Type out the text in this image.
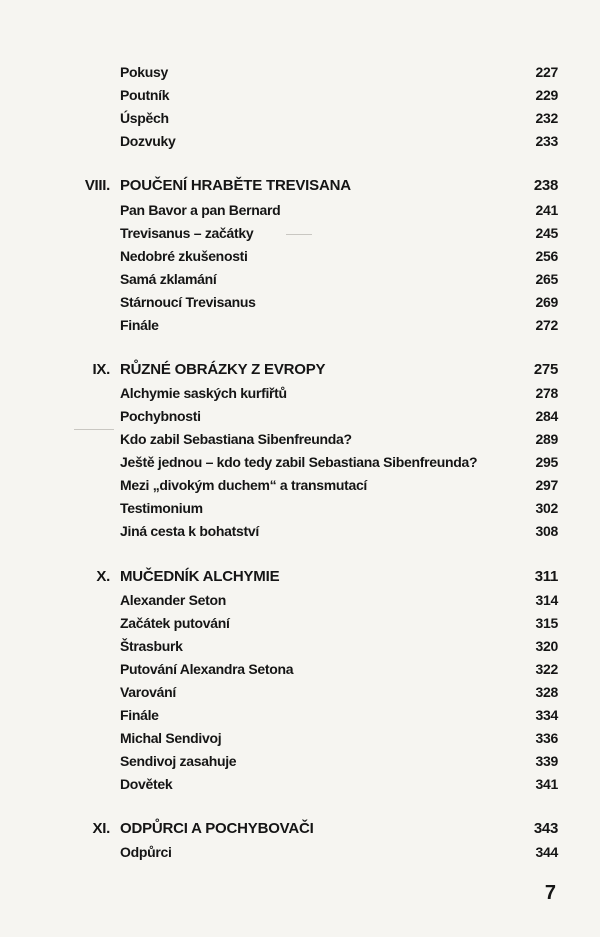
Pokusy	227
Poutník	229
Úspěch	232
Dozvuky	233
VIII. POUČENÍ HRABĚTE TREVISANA	238
Pan Bavor a pan Bernard	241
Trevisanus – začátky	245
Nedobré zkušenosti	256
Samá zklamání	265
Stárnoucí Trevisanus	269
Finále	272
IX. RŮZNÉ OBRÁZKY Z EVROPY	275
Alchymie saských kurfiřtů	278
Pochybnosti	284
Kdo zabil Sebastiana Sibenfreunda?	289
Ještě jednou – kdo tedy zabil Sebastiana Sibenfreunda?	295
Mezi „divokým duchem“ a transmutací	297
Testimonium	302
Jiná cesta k bohatství	308
X. MUČEDNÍK ALCHYMIE	311
Alexander Seton	314
Začátek putování	315
Štrasburk	320
Putování Alexandra Setona	322
Varování	328
Finále	334
Michal Sendivoj	336
Sendivoj zasahuje	339
Dovětek	341
XI. ODPŮRCI A POCHYBOVAČI	343
Odpůrci	344
7
